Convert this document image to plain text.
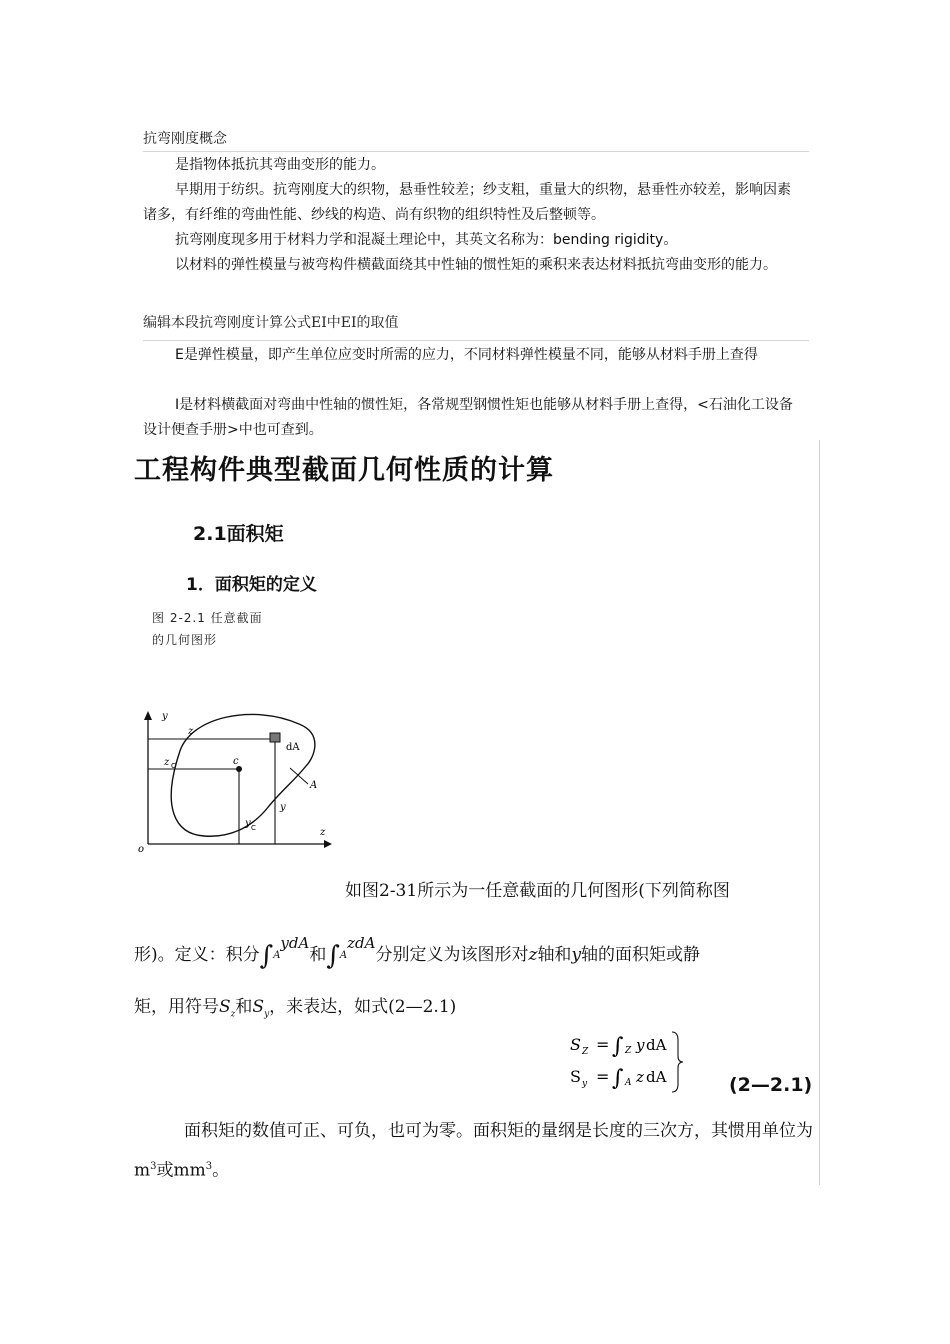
抗弯刚度概念

是指物体抵抗其弯曲变形的能力。

早期用于纺织。抗弯刚度大的织物，悬垂性较差；纱支粗，重量大的织物，悬垂性亦较差，影响因素诸多，有纤维的弯曲性能、纱线的构造、尚有织物的组织特性及后整顿等。

抗弯刚度现多用于材料力学和混凝土理论中，其英文名称为：bending rigidity。

以材料的弹性模量与被弯构件横截面绕其中性轴的惯性矩的乘积来表达材料抵抗弯曲变形的能力。

编辑本段抗弯刚度计算公式EI中EI的取值

E是弹性模量，即产生单位应变时所需的应力，不同材料弹性模量不同，能够从材料手册上查得

I是材料横截面对弯曲中性轴的惯性矩，各常规型钢惯性矩也能够从材料手册上查得，<石油化工设备设计便查手册>中也可查到。

工程构件典型截面几何性质的计算
2.1面积矩
1．面积矩的定义
图 2-2.1 任意截面的几何图形
y
z
o
z
z C	c
dA
A
y
y C
如图2-31所示为一任意截面的几何图形(下列简称图
形)。定义：积分∫AydA和∫AzdA分别定义为该图形对z轴和y轴的面积矩或静
矩，用符号$S_z$和$S_y$，来表达，如式(2—2.1)
S Z = ∫ Z y dA
S y = ∫ A z dA	(2—2.1)

面积矩的数值可正、可负，也可为零。面积矩的量纲是长度的三次方，其惯用单位为$m^3$或$mm^3$。
